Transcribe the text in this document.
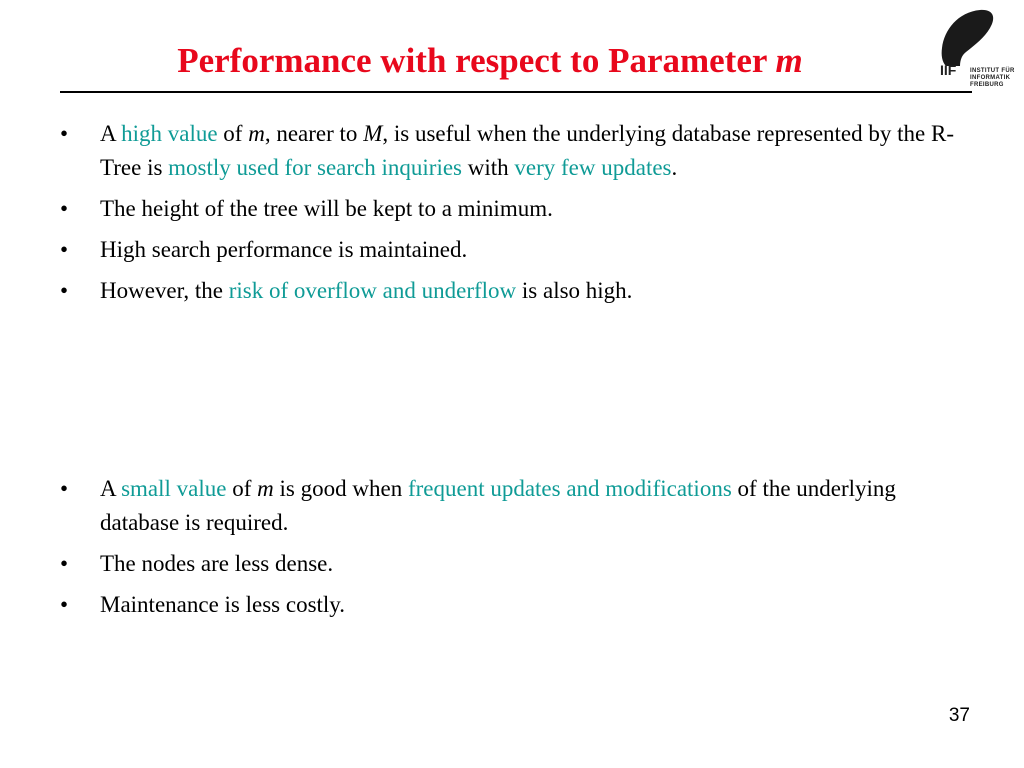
Performance with respect to Parameter m	IIF INSTITUT FÜR
INFORMATIK
FREIBURG
• A high value of m, nearer to M, is useful when the underlying database represented by the R-Tree is mostly used for search inquiries with very few updates.
• The height of the tree will be kept to a minimum.
• High search performance is maintained.
• However, the risk of overflow and underflow is also high.
• A small value of m is good when frequent updates and modifications of the underlying database is required.
• The nodes are less dense.
• Maintenance is less costly.
37
